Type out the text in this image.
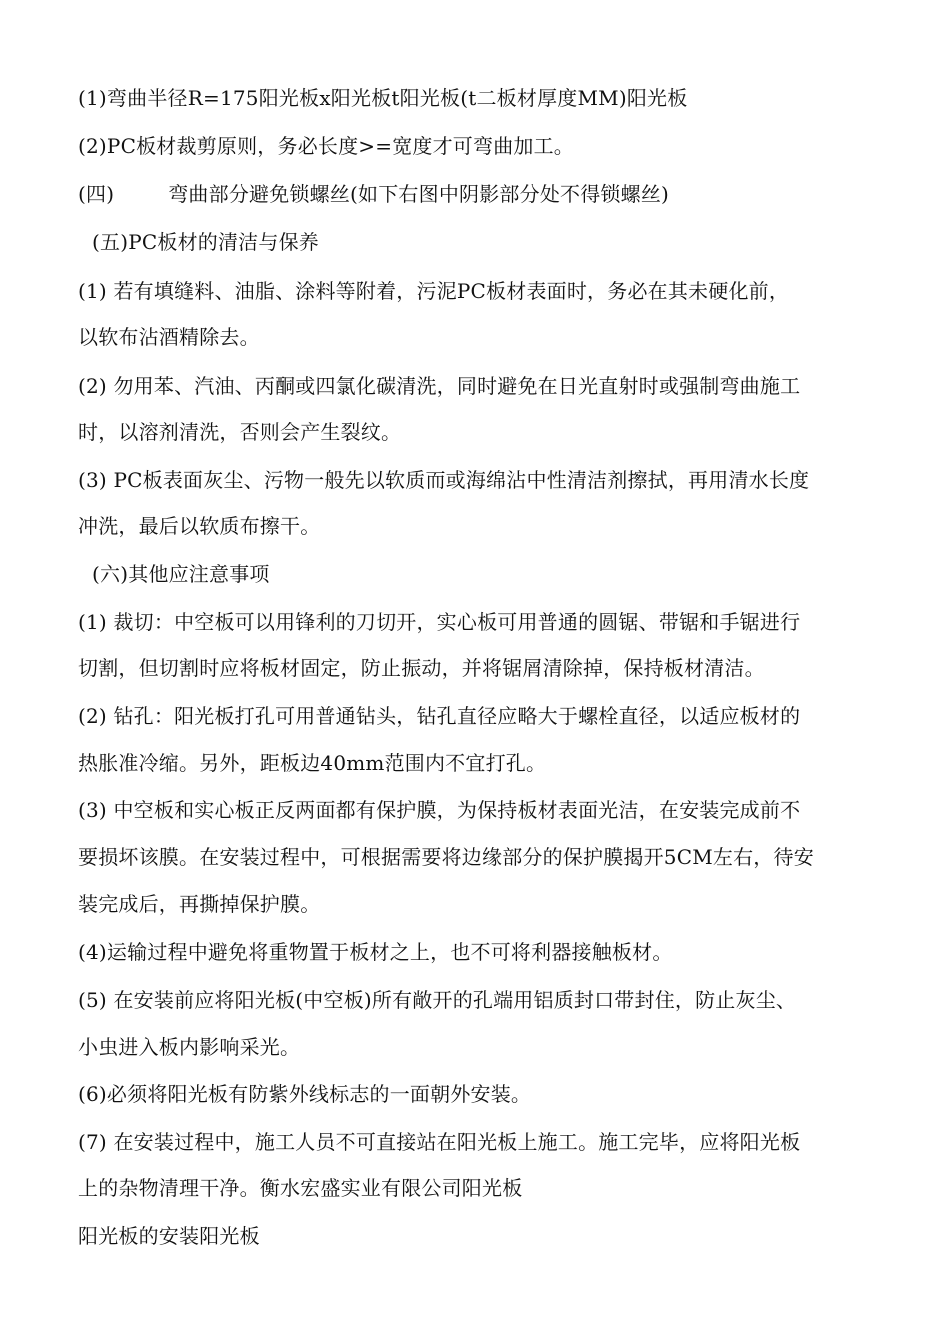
(1)弯曲半径R=175阳光板x阳光板t阳光板(t二板材厚度MM)阳光板
(2)PC板材裁剪原则，务必长度>=宽度才可弯曲加工。
(四)	弯曲部分避免锁螺丝(如下右图中阴影部分处不得锁螺丝)
(五)PC板材的清洁与保养
(1) 若有填缝料、油脂、涂料等附着，污泥PC板材表面时，务必在其未硬化前，
以软布沾酒精除去。
(2) 勿用苯、汽油、丙酮或四氯化碳清洗，同时避免在日光直射时或强制弯曲施工
时，以溶剂清洗，否则会产生裂纹。
(3) PC板表面灰尘、污物一般先以软质而或海绵沾中性清洁剂擦拭，再用清水长度
冲洗，最后以软质布擦干。
(六)其他应注意事项
(1) 裁切：中空板可以用锋利的刀切开，实心板可用普通的圆锯、带锯和手锯进行
切割，但切割时应将板材固定，防止振动，并将锯屑清除掉，保持板材清洁。
(2) 钻孔：阳光板打孔可用普通钻头，钻孔直径应略大于螺栓直径，以适应板材的
热胀准冷缩。另外，距板边40mm范围内不宜打孔。
(3) 中空板和实心板正反两面都有保护膜，为保持板材表面光洁，在安装完成前不
要损坏该膜。在安装过程中，可根据需要将边缘部分的保护膜揭开5CM左右，待安
装完成后，再撕掉保护膜。
(4)运输过程中避免将重物置于板材之上，也不可将利器接触板材。
(5) 在安装前应将阳光板(中空板)所有敞开的孔端用铝质封口带封住，防止灰尘、
小虫进入板内影响采光。
(6)必须将阳光板有防紫外线标志的一面朝外安装。
(7) 在安装过程中，施工人员不可直接站在阳光板上施工。施工完毕，应将阳光板
上的杂物清理干净。衡水宏盛实业有限公司阳光板
阳光板的安装阳光板
